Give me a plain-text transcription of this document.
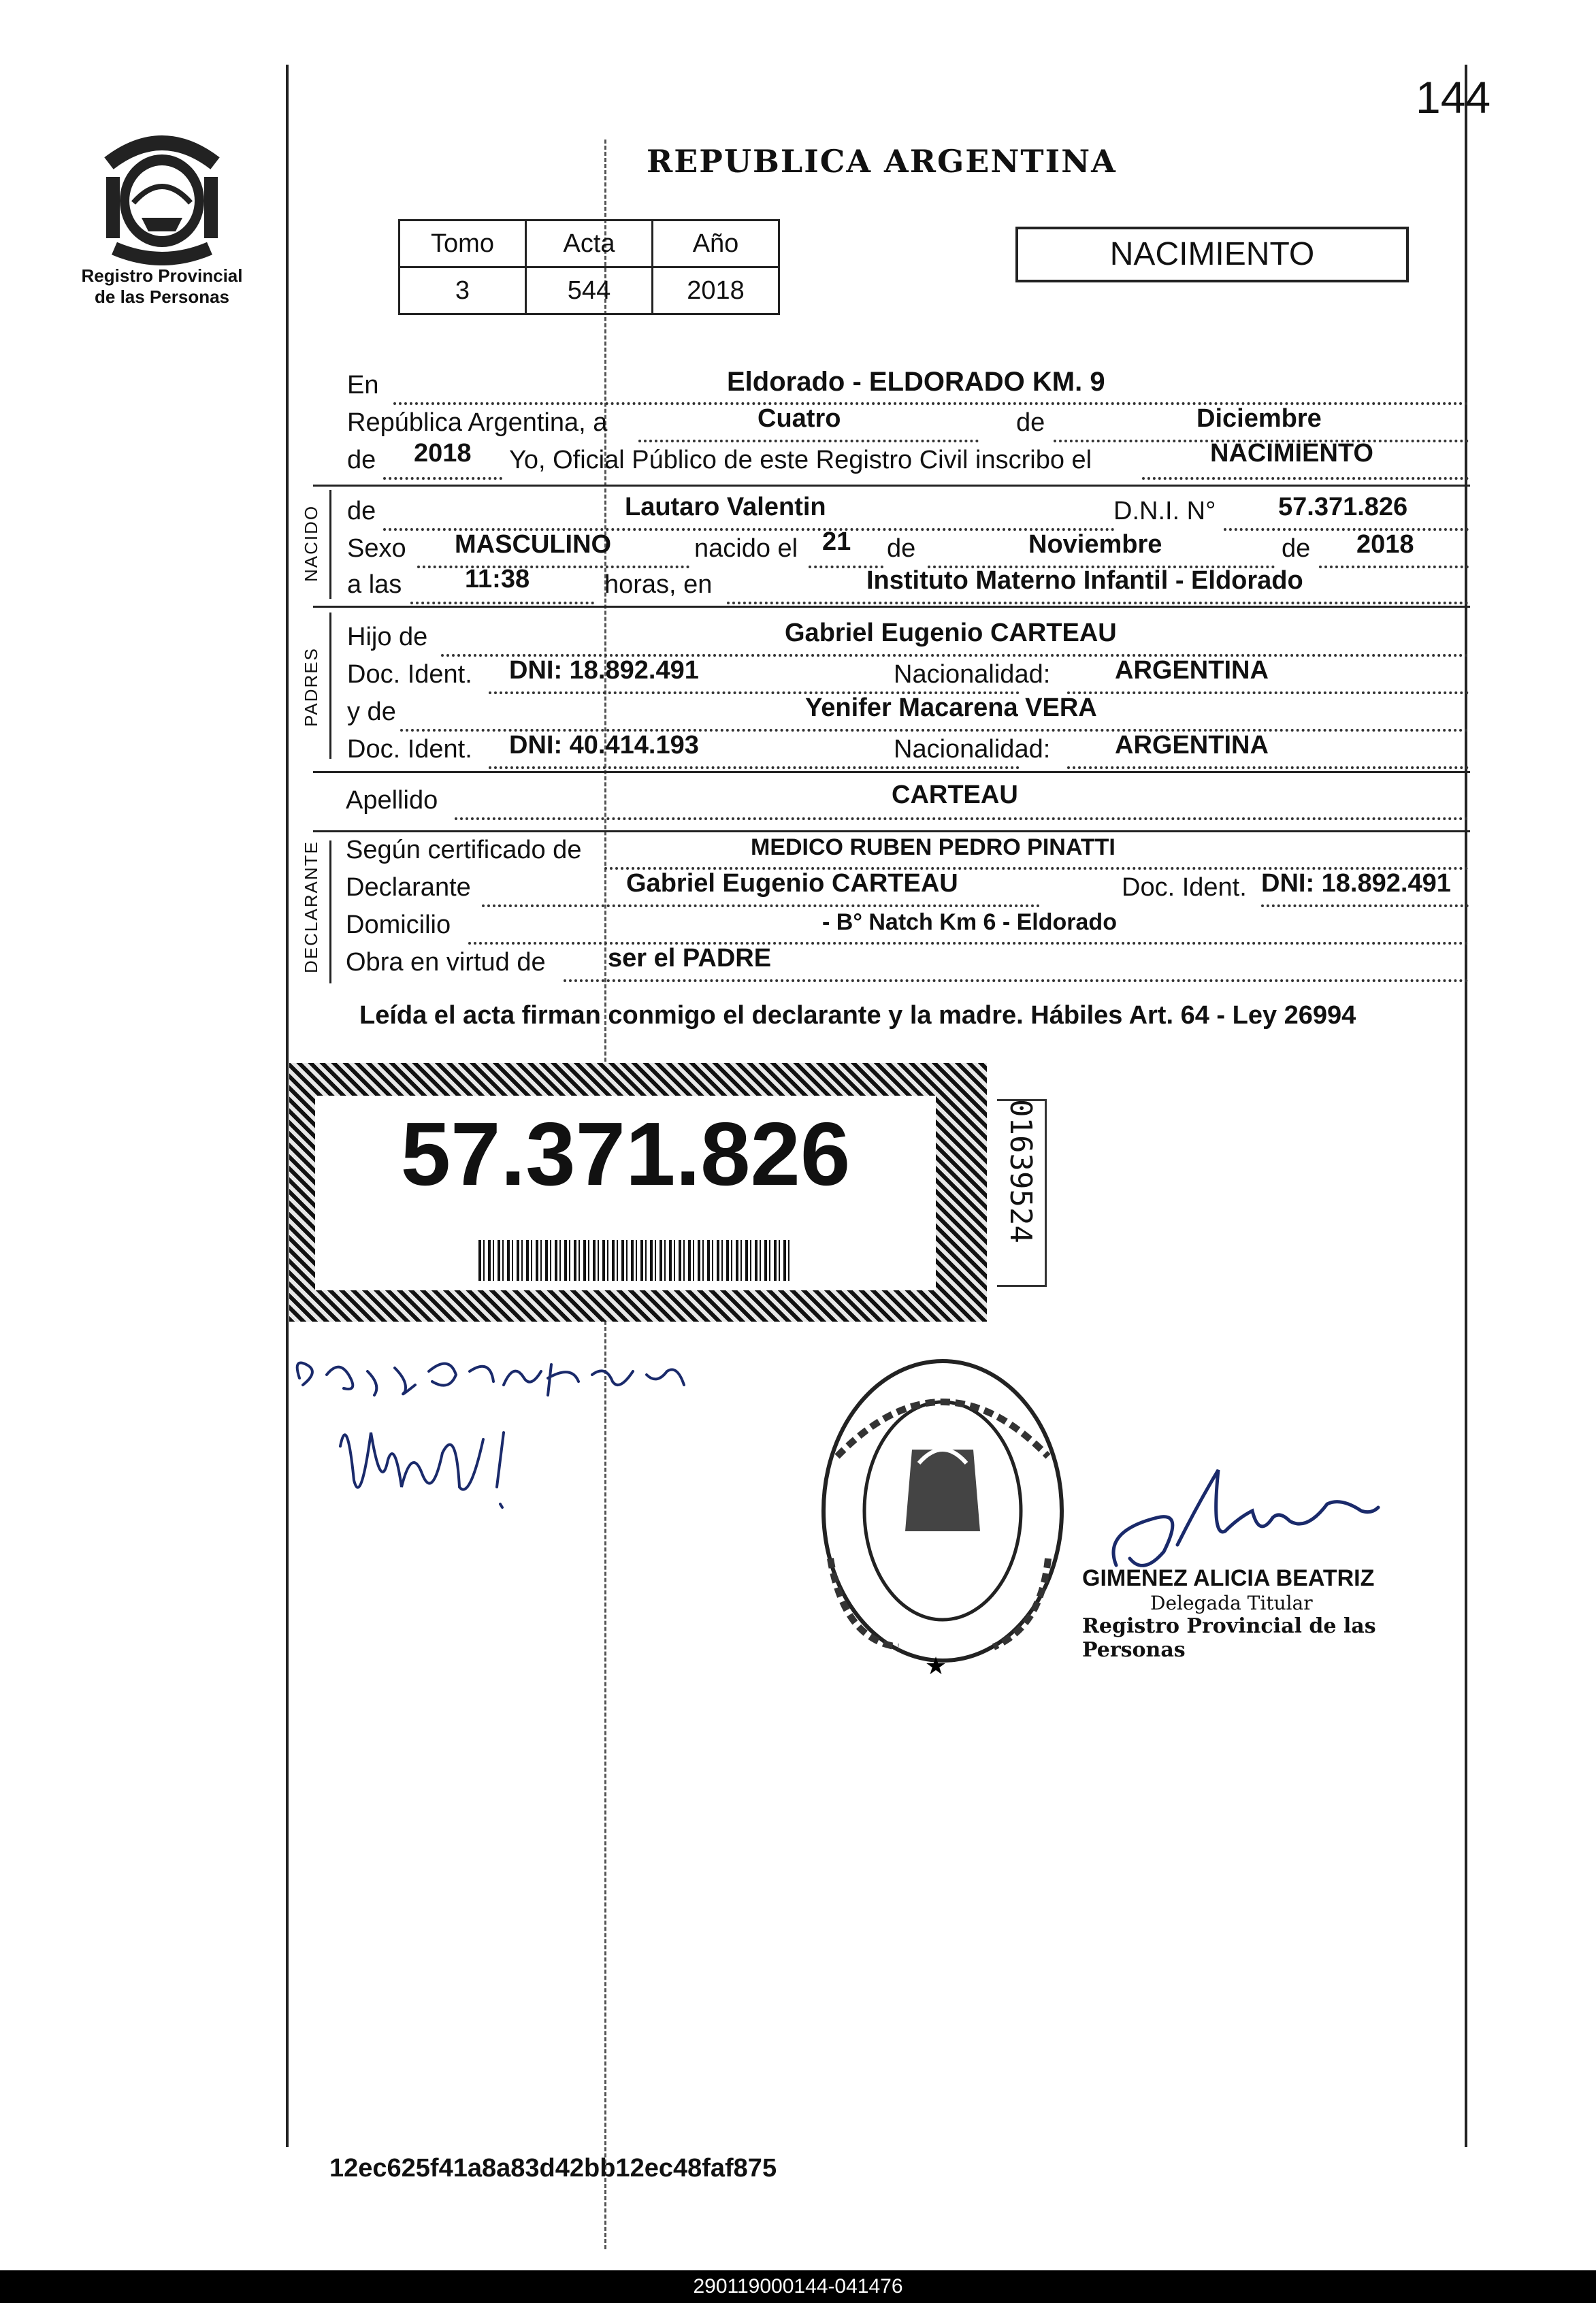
144
Registro Provincial
de las Personas
REPUBLICA ARGENTINA
Tomo	Acta	Año
3	544	2018
NACIMIENTO
En	Eldorado - ELDORADO KM. 9
República Argentina, a	Cuatro	de	Diciembre
de 2018 Yo, Oficial Público de este Registro Civil inscribo el	NACIMIENTO
NACIDO de	Lautaro Valentin	D.N.I. N° 57.371.826
Sexo MASCULINO	nacido el 21 de	Noviembre	de 2018
a las 11:38	horas, en	Instituto Materno Infantil - Eldorado
PADRES
Hijo de	Gabriel Eugenio CARTEAU
Doc. Ident. DNI: 18.892.491	Nacionalidad: ARGENTINA
y de	Yenifer Macarena VERA
Doc. Ident. DNI: 40.414.193	Nacionalidad: ARGENTINA
Apellido	CARTEAU
DECLARANTE Según certificado de	MEDICO RUBEN PEDRO PINATTI
Declarante	Gabriel Eugenio CARTEAU	Doc. Ident. DNI: 18.892.491
Domicilio	- B° Natch Km 6 - Eldorado
Obra en virtud de ser el PADRE
Leída el acta firman conmigo el declarante y la madre. Hábiles Art. 64 - Ley 26994
57.371.826	01639524
★
GIMENEZ ALICIA BEATRIZ
Delegada Titular
Registro Provincial de las Personas
12ec625f41a8a83d42bb12ec48faf875
290119000144-041476
